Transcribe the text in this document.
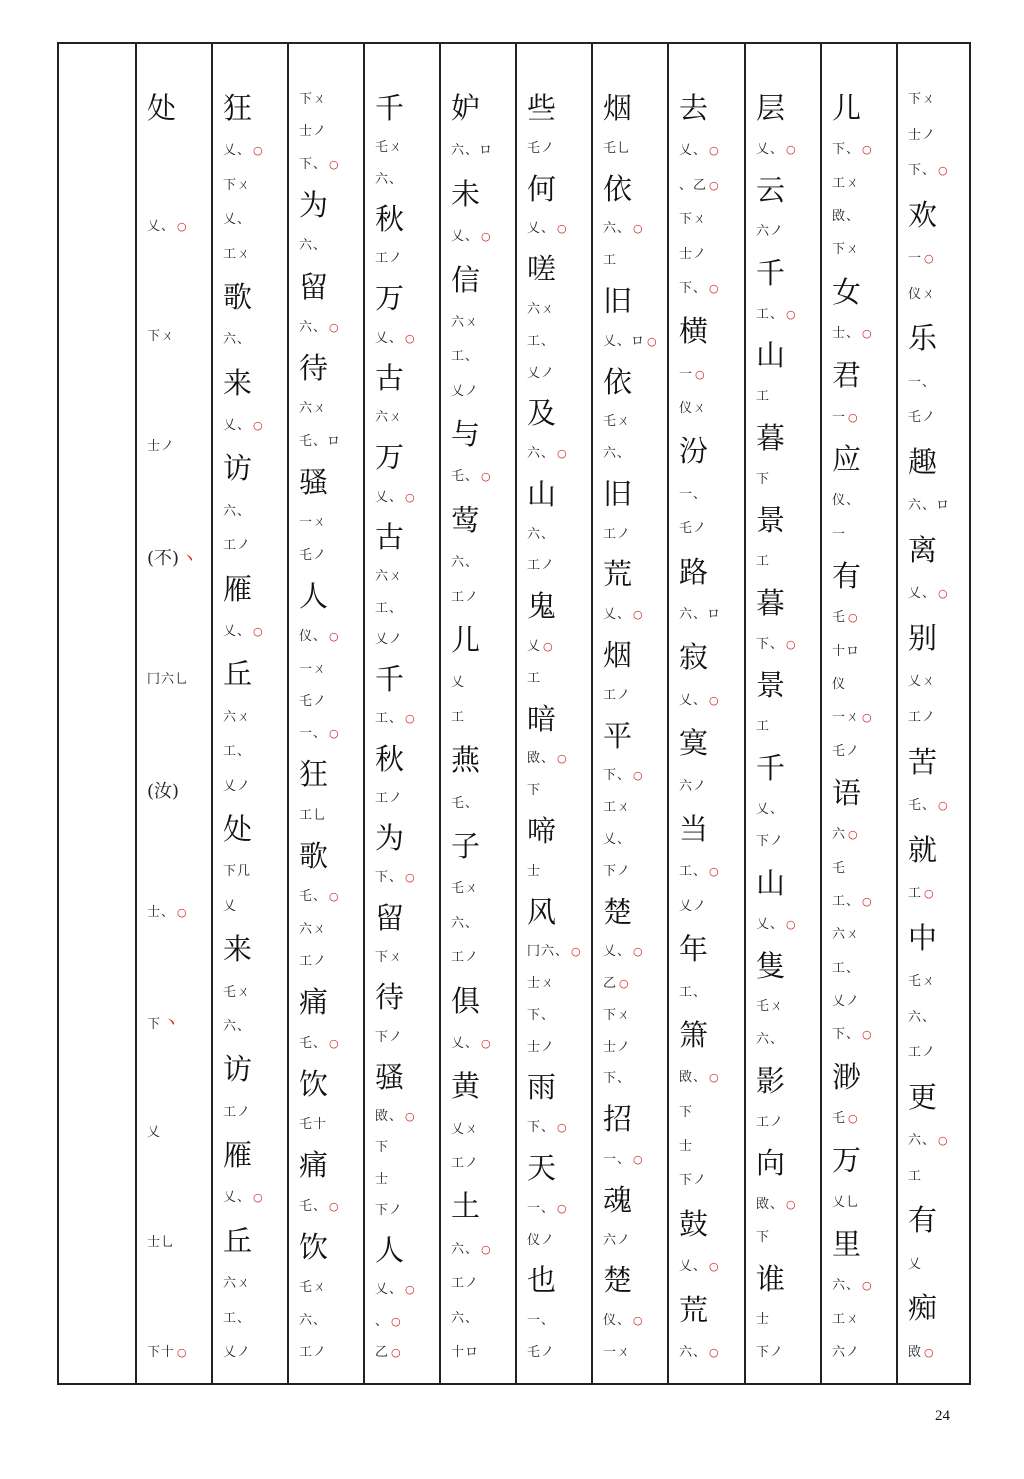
处
乂、 ○
下ㄨ
士ノ
(不) 丶
冂六乚
(汝)
士、 ○
下 丶
乂
士乚
下十 ○
狂
乂、 ○
下ㄨ
乂、
工ㄨ
歌
六、
来
乂、 ○
访
六、
工ノ
雁
乂、 ○
丘
六ㄨ
工、
乂ノ
处
下几
乂
来
乇ㄨ
六、
访
工ノ
雁
乂、 ○
丘
六ㄨ
工、
乂ノ
下ㄨ
士ノ
下、 ○
为
六、
留
六、 ○
待
六ㄨ
乇、ロ
骚
一ㄨ
乇ノ
人
仪、 ○
一ㄨ
乇ノ
一、 ○
狂
工乚
歌
乇、 ○
六ㄨ
工ノ
痛
乇、 ○
饮
乇十
痛
乇、 ○
饮
乇ㄨ
六、
工ノ
千
乇ㄨ
六、
秋
工ノ
万
乂、 ○
古
六ㄨ
万
乂、 ○
古
六ㄨ
工、
乂ノ
千
工、 ○
秋
工ノ
为
下、 ○
留
下ㄨ
待
下ノ
骚
敃、 ○
下
士
下ノ
人
乂、 ○
、 ○
乙 ○
妒
六、ロ
未
乂、 ○
信
六ㄨ
工、
乂ノ
与
乇、 ○
莺
六、
工ノ
儿
乂
工
燕
乇、
子
乇ㄨ
六、
工ノ
俱
乂、 ○
黄
乂ㄨ
工ノ
土
六、 ○
工ノ
六、
十ロ
些
乇ノ
何
乂、 ○
嗟
六ㄨ
工、
乂ノ
及
六、 ○
山
六、
工ノ
鬼
乂 ○
工
暗
敃、 ○
下
啼
士
风
冂六、 ○
士ㄨ
下、
士ノ
雨
下、 ○
天
一、 ○
仪ノ
也
一、
乇ノ
烟
乇乚
依
六、 ○
工
旧
乂、ロ ○
依
乇ㄨ
六、
旧
工ノ
荒
乂、 ○
烟
工ノ
平
下、 ○
工ㄨ
乂、
下ノ
楚
乂、 ○
乙 ○
下ㄨ
士ノ
下、
招
一、 ○
魂
六ノ
楚
仪、 ○
一ㄨ
去
乂、 ○
、乙 ○
下ㄨ
士ノ
下、 ○
横
一 ○
仪ㄨ
汾
一、
乇ノ
路
六、ロ
寂
乂、 ○
寞
六ノ
当
工、 ○
乂ノ
年
工、
箫
敃、 ○
下
士
下ノ
鼓
乂、 ○
荒
六、 ○
层
乂、 ○
云
六ノ
千
工、 ○
山
工
暮
下
景
工
暮
下、 ○
景
工
千
乂、
下ノ
山
乂、 ○
隻
乇ㄨ
六、
影
工ノ
向
敃、 ○
下
谁
士
下ノ
儿
下、 ○
工ㄨ
敃、
下ㄨ
女
士、 ○
君
一 ○
应
仪、
一
有
乇 ○
十ロ
仪
一ㄨ ○
乇ノ
语
六 ○
乇
工、 ○
六ㄨ
工、
乂ノ
下、 ○
渺
乇 ○
万
乂乚
里
六、 ○
工ㄨ
六ノ
下ㄨ
士ノ
下、 ○
欢
一 ○
仪ㄨ
乐
一、
乇ノ
趣
六、ロ
离
乂、 ○
别
乂ㄨ
工ノ
苦
乇、 ○
就
工 ○
中
乇ㄨ
六、
工ノ
更
六、 ○
工
有
乂
痴
敃 ○
24
